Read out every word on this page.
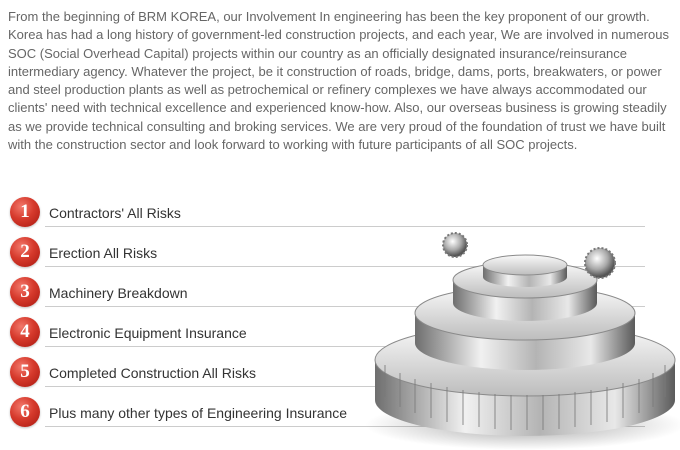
From the beginning of BRM KOREA, our Involvement In engineering has been the key proponent of our growth. Korea has had a long history of government-led construction projects, and each year, We are involved in numerous SOC (Social Overhead Capital) projects within our country as an officially designated insurance/reinsurance intermediary agency. Whatever the project, be it construction of roads, bridge, dams, ports, breakwaters, or power and steel production plants as well as petrochemical or refinery complexes we have always accommodated our clients' need with technical excellence and experienced know-how. Also, our overseas business is growing steadily as we provide technical consulting and broking services. We are very proud of the foundation of trust we have built with the construction sector and look forward to working with future participants of all SOC projects.

1	Contractors' All Risks
2	Erection All Risks
3	Machinery Breakdown
4	Electronic Equipment Insurance
5	Completed Construction All Risks
6	Plus many other types of Engineering Insurance
